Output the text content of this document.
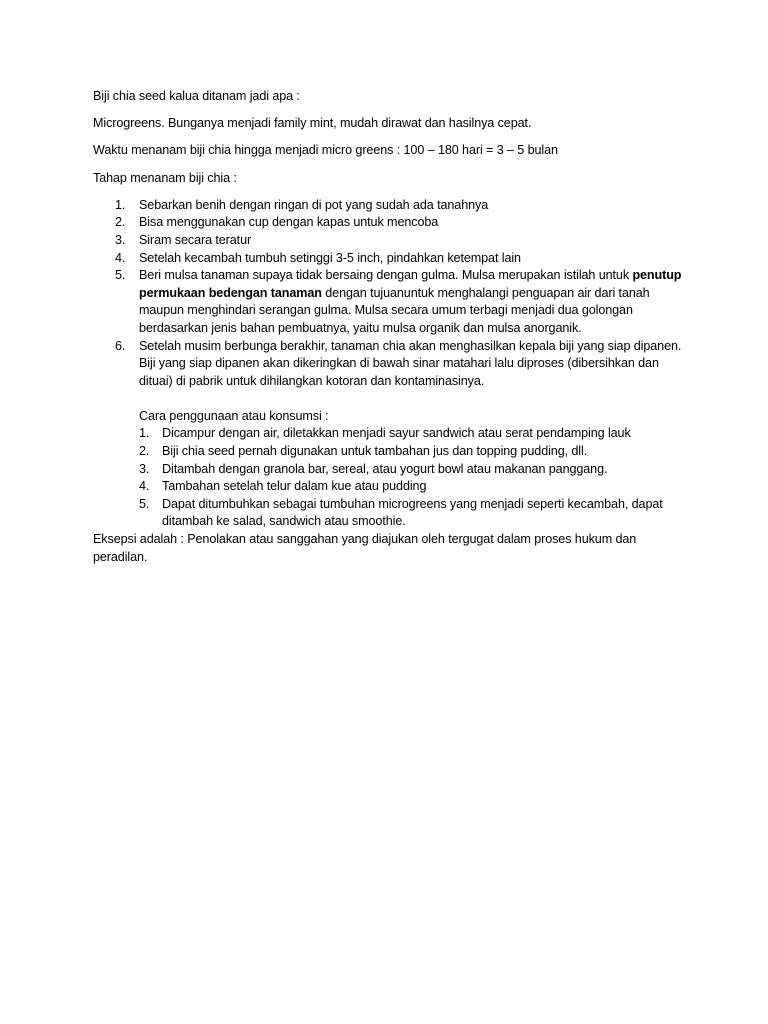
Biji chia seed kalua ditanam jadi apa :

Microgreens. Bunganya menjadi family mint, mudah dirawat dan hasilnya cepat.

Waktu menanam biji chia hingga menjadi micro greens : 100 – 180 hari = 3 – 5 bulan

Tahap menanam biji chia :

1.	Sebarkan benih dengan ringan di pot yang sudah ada tanahnya
2.	Bisa menggunakan cup dengan kapas untuk mencoba
3.	Siram secara teratur
4.	Setelah kecambah tumbuh setinggi 3-5 inch, pindahkan ketempat lain
5.	Beri mulsa tanaman supaya tidak bersaing dengan gulma. Mulsa merupakan istilah untuk penutup permukaan bedengan tanaman dengan tujuanuntuk menghalangi penguapan air dari tanah maupun menghindari serangan gulma. Mulsa secara umum terbagi menjadi dua golongan berdasarkan jenis bahan pembuatnya, yaitu mulsa organik dan mulsa anorganik.
6.	Setelah musim berbunga berakhir, tanaman chia akan menghasilkan kepala biji yang siap dipanen. Biji yang siap dipanen akan dikeringkan di bawah sinar matahari lalu diproses (dibersihkan dan dituai) di pabrik untuk dihilangkan kotoran dan kontaminasinya.

Cara penggunaan atau konsumsi :

1.	Dicampur dengan air, diletakkan menjadi sayur sandwich atau serat pendamping lauk
2.	Biji chia seed pernah digunakan untuk tambahan jus dan topping pudding, dll.
3.	Ditambah dengan granola bar, sereal, atau yogurt bowl atau makanan panggang.
4.	Tambahan setelah telur dalam kue atau pudding
5.	Dapat ditumbuhkan sebagai tumbuhan microgreens yang menjadi seperti kecambah, dapat ditambah ke salad, sandwich atau smoothie.

Eksepsi adalah : Penolakan atau sanggahan yang diajukan oleh tergugat dalam proses hukum dan peradilan.
